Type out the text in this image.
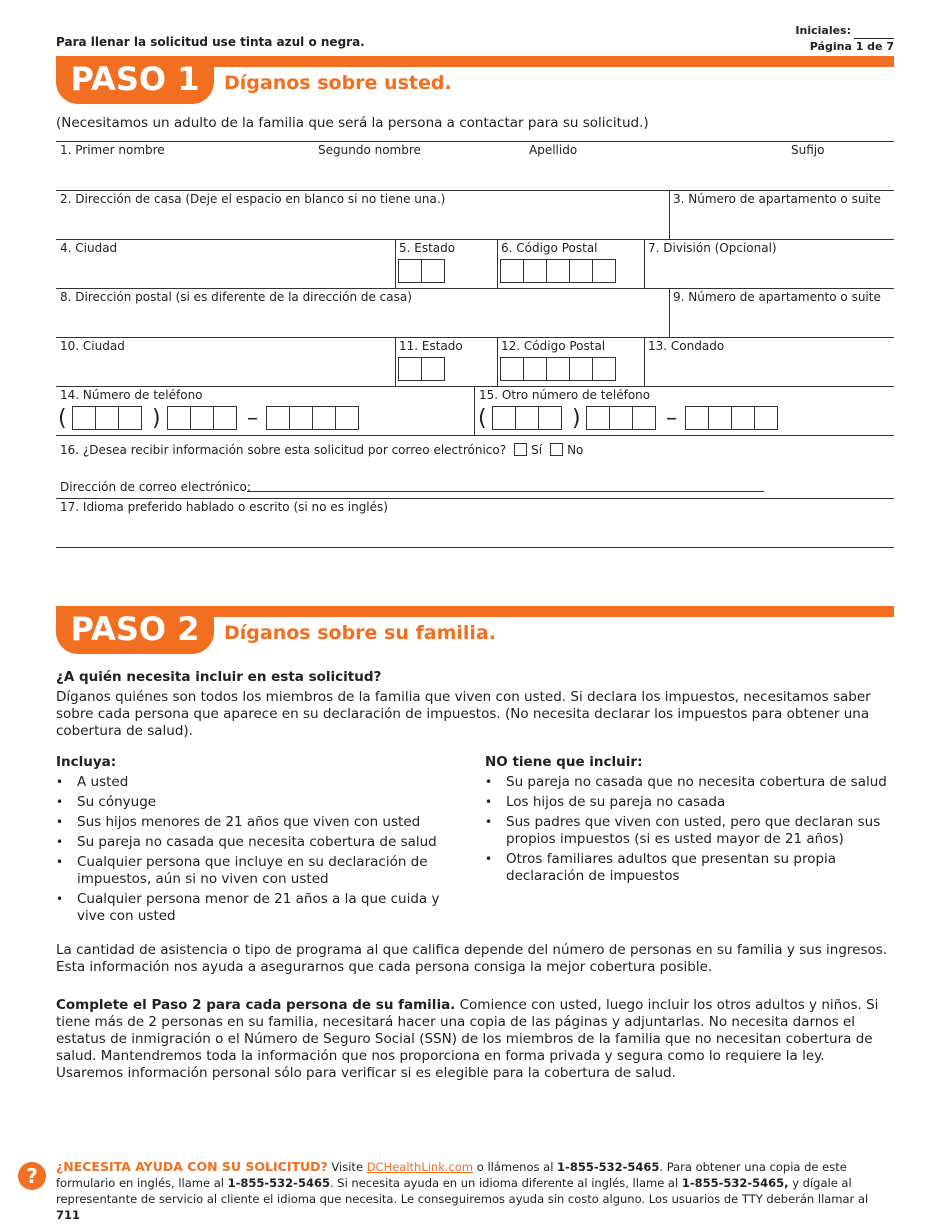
Para llenar la solicitud use tinta azul o negra.
Iniciales:
Página 1 de 7
PASO 1	Díganos sobre usted.
(Necesitamos un adulto de la familia que será la persona a contactar para su solicitud.)
1. Primer nombre	Segundo nombre	Apellido	Sufijo
2. Dirección de casa (Deje el espacio en blanco si no tiene una.)	3. Número de apartamento o suite
4. Ciudad	5. Estado	6. Código Postal	7. División (Opcional)
8. Dirección postal (si es diferente de la dirección de casa)	9. Número de apartamento o suite
10. Ciudad	11. Estado	12. Código Postal	13. Condado
14. Número de teléfono
(	)	–
15. Otro número de teléfono
(	)	–
16. ¿Desea recibir información sobre esta solicitud por correo electrónico? Sí No
Dirección de correo electrónico:
17. Idioma preferido hablado o escrito (si no es inglés)
PASO 2	Díganos sobre su familia.
¿A quién necesita incluir en esta solicitud?
Díganos quiénes son todos los miembros de la familia que viven con usted. Si declara los impuestos, necesitamos saber sobre cada persona que aparece en su declaración de impuestos. (No necesita declarar los impuestos para obtener una cobertura de salud).
Incluya:
• A usted
• Su cónyuge
• Sus hijos menores de 21 años que viven con usted
• Su pareja no casada que necesita cobertura de salud
• Cualquier persona que incluye en su declaración de impuestos, aún si no viven con usted
• Cualquier persona menor de 21 años a la que cuida y vive con usted
NO tiene que incluir:
• Su pareja no casada que no necesita cobertura de salud
• Los hijos de su pareja no casada
• Sus padres que viven con usted, pero que declaran sus propios impuestos (si es usted mayor de 21 años)
• Otros familiares adultos que presentan su propia declaración de impuestos
La cantidad de asistencia o tipo de programa al que califica depende del número de personas en su familia y sus ingresos. Esta información nos ayuda a asegurarnos que cada persona consiga la mejor cobertura posible.
Complete el Paso 2 para cada persona de su familia. Comience con usted, luego incluir los otros adultos y niños. Si tiene más de 2 personas en su familia, necesitará hacer una copia de las páginas y adjuntarlas. No necesita darnos el estatus de inmigración o el Número de Seguro Social (SSN) de los miembros de la familia que no necesitan cobertura de salud. Mantendremos toda la información que nos proporciona en forma privada y segura como lo requiere la ley. Usaremos información personal sólo para verificar si es elegible para la cobertura de salud.
?	¿NECESITA AYUDA CON SU SOLICITUD? Visite DCHealthLink.com o llámenos al 1-855-532-5465. Para obtener una copia de este formulario en inglés, llame al 1-855-532-5465. Si necesita ayuda en un idioma diferente al inglés, llame al 1-855-532-5465, y dígale al representante de servicio al cliente el idioma que necesita. Le conseguiremos ayuda sin costo alguno. Los usuarios de TTY deberán llamar al 711
